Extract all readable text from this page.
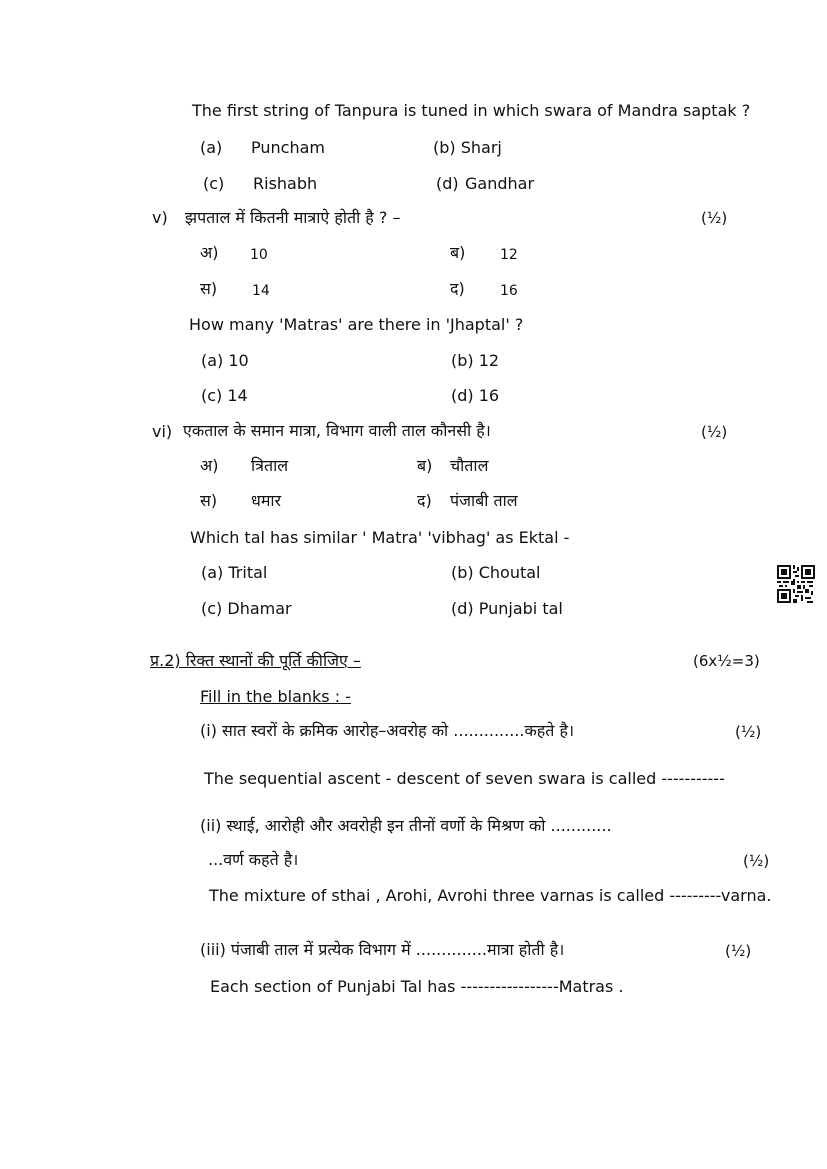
The first string of Tanpura is tuned in which swara of Mandra saptak ?
(a) Puncham	(b) Sharj
(c) Rishabh	(d) Gandhar
v) झपताल में कितनी मात्राऐ होती है ? –	(½)
अ) 10	ब) 12
स) 14	द)	16
How many 'Matras' are there in 'Jhaptal' ?
(a) 10	(b) 12
(c) 14	(d) 16
vi) एकताल के समान मात्रा, विभाग वाली ताल कौनसी है।	(½)
अ) त्रिताल	ब) चौताल
स) धमार	द) पंजाबी ताल
Which tal has similar ' Matra' 'vibhag' as Ektal -
(a) Trital	(b) Choutal
(c) Dhamar	(d) Punjabi tal
प्र.2) रिक्त स्थानों की पूर्ति कीजिए –	(6x½=3)
Fill in the blanks : -
(i) सात स्वरों के क्रमिक आरोह–अवरोह को ..............कहते है।	(½)
The sequential ascent - descent of seven swara is called -----------
(ii) स्थाई, आरोही और अवरोही इन तीनों वर्णो के मिश्रण को ............
...वर्ण कहते है।	(½)
The mixture of sthai , Arohi, Avrohi three varnas is called ---------varna.
(iii) पंजाबी ताल में प्रत्येक विभाग में ..............मात्रा होती है।	(½)
Each section of Punjabi Tal has -----------------Matras .
